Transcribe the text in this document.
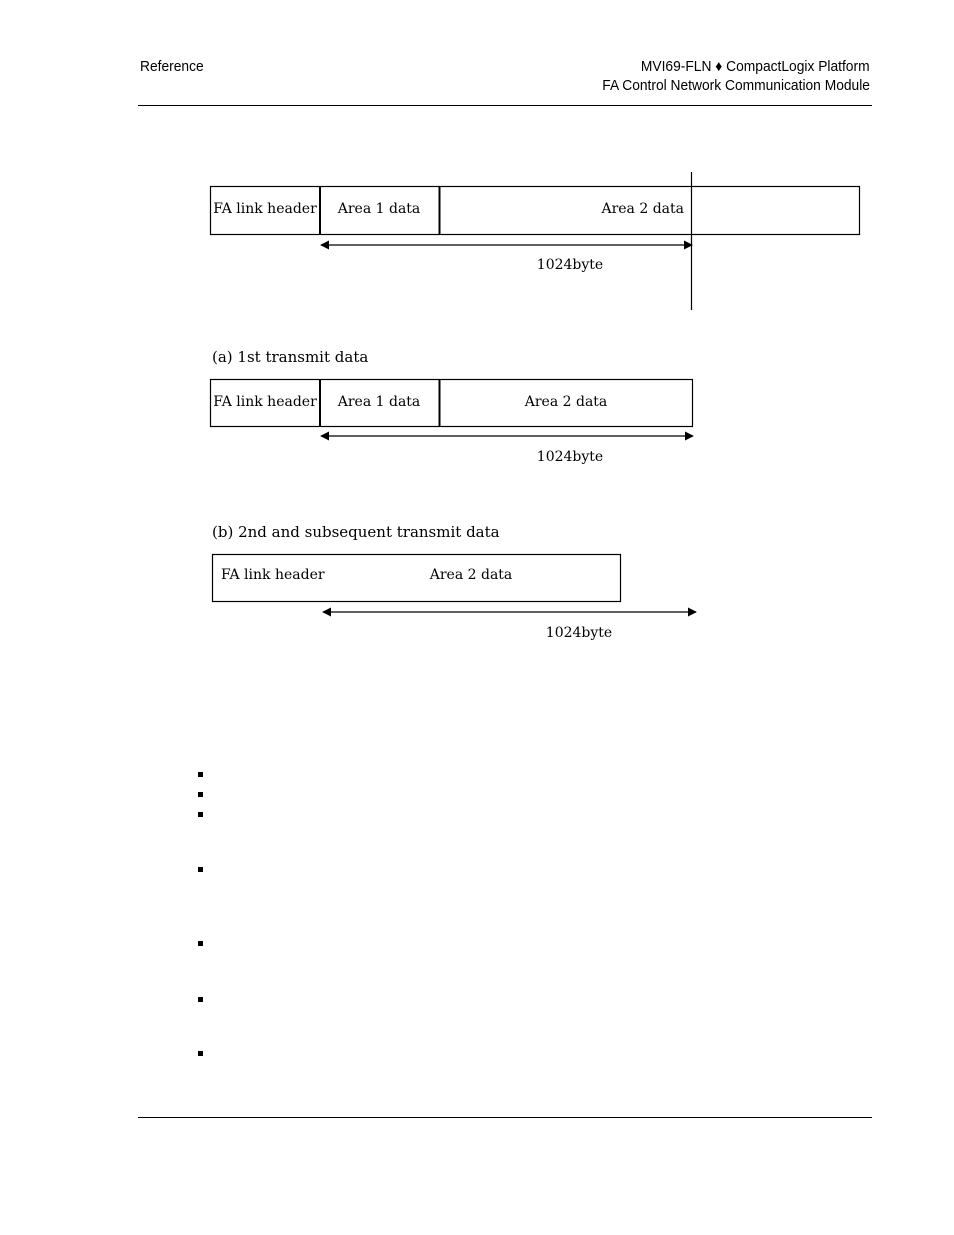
Reference	MVI69-FLN ♦ CompactLogix Platform
FA Control Network Communication Module
FA link header Area 1 data	Area 2 data
1024byte
(a) 1st transmit data
FA link header Area 1 data	Area 2 data
1024byte
(b) 2nd and subsequent transmit data
FA link header	Area 2 data
1024byte
